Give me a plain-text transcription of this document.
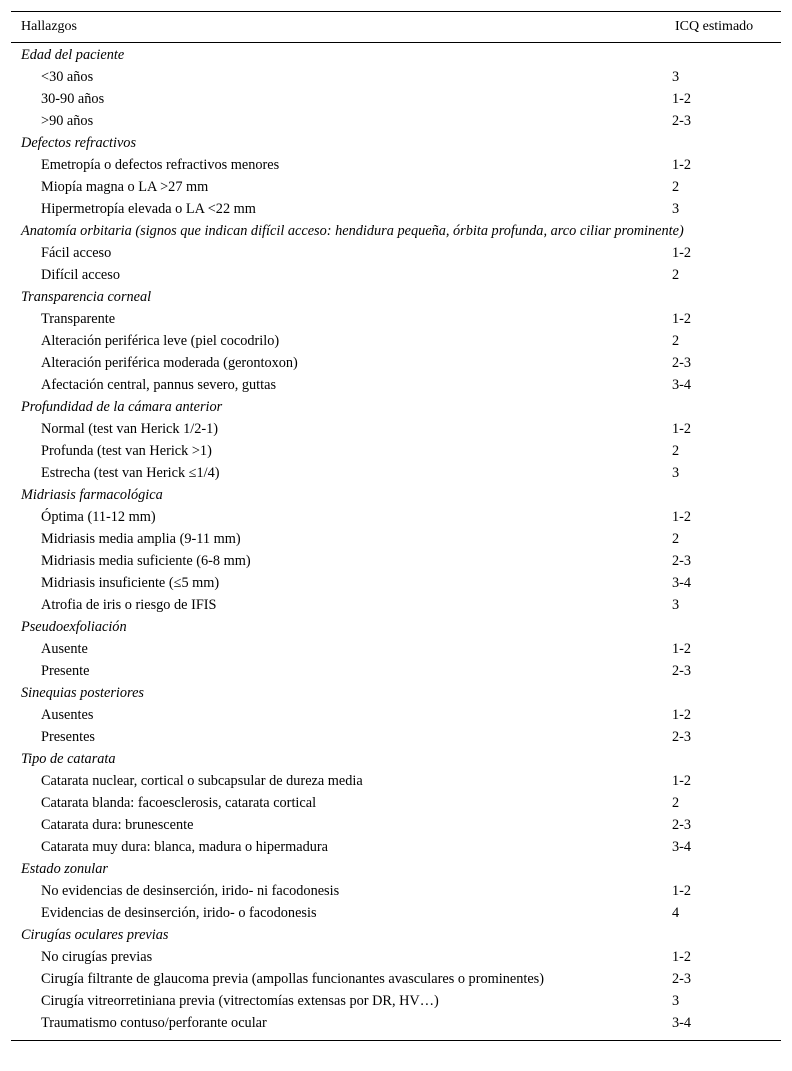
Hallazgos	ICQ estimado
Edad del paciente
<30 años	3
30-90 años	1-2
>90 años	2-3
Defectos refractivos
Emetropía o defectos refractivos menores	1-2
Miopía magna o LA >27 mm	2
Hipermetropía elevada o LA <22 mm	3
Anatomía orbitaria (signos que indican difícil acceso: hendidura pequeña, órbita profunda, arco ciliar prominente)
Fácil acceso	1-2
Difícil acceso	2
Transparencia corneal
Transparente	1-2
Alteración periférica leve (piel cocodrilo)	2
Alteración periférica moderada (gerontoxon)	2-3
Afectación central, pannus severo, guttas	3-4
Profundidad de la cámara anterior
Normal (test van Herick 1/2-1)	1-2
Profunda (test van Herick >1)	2
Estrecha (test van Herick ≤1/4)	3
Midriasis farmacológica
Óptima (11-12 mm)	1-2
Midriasis media amplia (9-11 mm)	2
Midriasis media suficiente (6-8 mm)	2-3
Midriasis insuficiente (≤5 mm)	3-4
Atrofia de iris o riesgo de IFIS	3
Pseudoexfoliación
Ausente	1-2
Presente	2-3
Sinequias posteriores
Ausentes	1-2
Presentes	2-3
Tipo de catarata
Catarata nuclear, cortical o subcapsular de dureza media	1-2
Catarata blanda: facoesclerosis, catarata cortical	2
Catarata dura: brunescente	2-3
Catarata muy dura: blanca, madura o hipermadura	3-4
Estado zonular
No evidencias de desinserción, irido- ni facodonesis	1-2
Evidencias de desinserción, irido- o facodonesis	4
Cirugías oculares previas
No cirugías previas	1-2
Cirugía filtrante de glaucoma previa (ampollas funcionantes avasculares o prominentes)	2-3
Cirugía vitreorretiniana previa (vitrectomías extensas por DR, HV…)	3
Traumatismo contuso/perforante ocular	3-4
